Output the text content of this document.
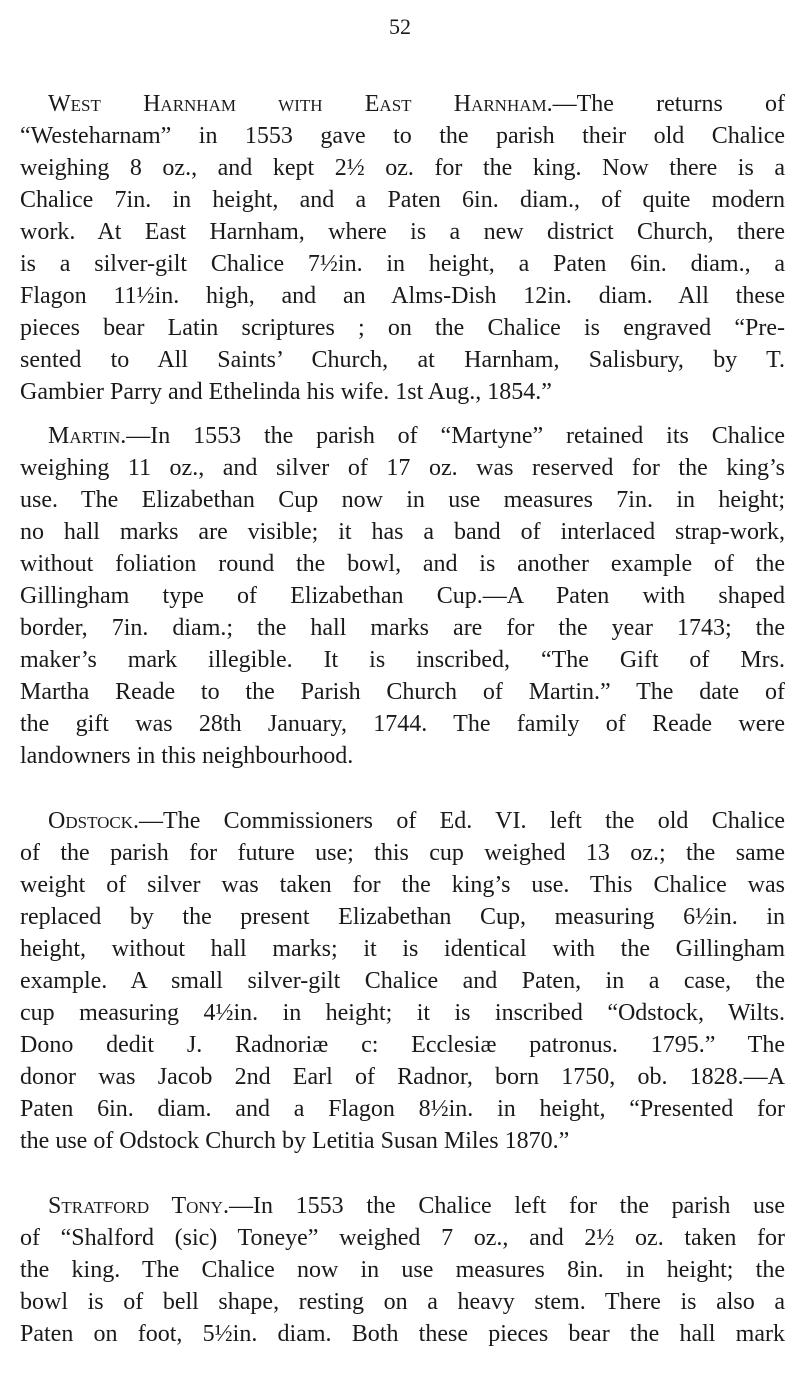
52
West Harnham with East Harnham.—The returns of
“Westeharnam” in 1553 gave to the parish their old Chalice
weighing 8 oz., and kept 2½ oz. for the king. Now there is a
Chalice 7in. in height, and a Paten 6in. diam., of quite modern
work. At East Harnham, where is a new district Church, there
is a silver-gilt Chalice 7½in. in height, a Paten 6in. diam., a
Flagon 11½in. high, and an Alms-Dish 12in. diam. All these
pieces bear Latin scriptures ; on the Chalice is engraved “Pre-
sented to All Saints’ Church, at Harnham, Salisbury, by T.
Gambier Parry and Ethelinda his wife. 1st Aug., 1854.”
Martin.—In 1553 the parish of “Martyne” retained its Chalice
weighing 11 oz., and silver of 17 oz. was reserved for the king’s
use. The Elizabethan Cup now in use measures 7in. in height;
no hall marks are visible; it has a band of interlaced strap-work,
without foliation round the bowl, and is another example of the
Gillingham type of Elizabethan Cup.—A Paten with shaped
border, 7in. diam.; the hall marks are for the year 1743; the
maker’s mark illegible. It is inscribed, “The Gift of Mrs.
Martha Reade to the Parish Church of Martin.” The date of
the gift was 28th January, 1744. The family of Reade were
landowners in this neighbourhood.
Odstock.—The Commissioners of Ed. VI. left the old Chalice
of the parish for future use; this cup weighed 13 oz.; the same
weight of silver was taken for the king’s use. This Chalice was
replaced by the present Elizabethan Cup, measuring 6½in. in
height, without hall marks; it is identical with the Gillingham
example. A small silver-gilt Chalice and Paten, in a case, the
cup measuring 4½in. in height; it is inscribed “Odstock, Wilts.
Dono dedit J. Radnoriæ c: Ecclesiæ patronus. 1795.” The
donor was Jacob 2nd Earl of Radnor, born 1750, ob. 1828.—A
Paten 6in. diam. and a Flagon 8½in. in height, “Presented for
the use of Odstock Church by Letitia Susan Miles 1870.”
Stratford Tony.—In 1553 the Chalice left for the parish use
of “Shalford (sic) Toneye” weighed 7 oz., and 2½ oz. taken for
the king. The Chalice now in use measures 8in. in height; the
bowl is of bell shape, resting on a heavy stem. There is also a
Paten on foot, 5½in. diam. Both these pieces bear the hall mark
